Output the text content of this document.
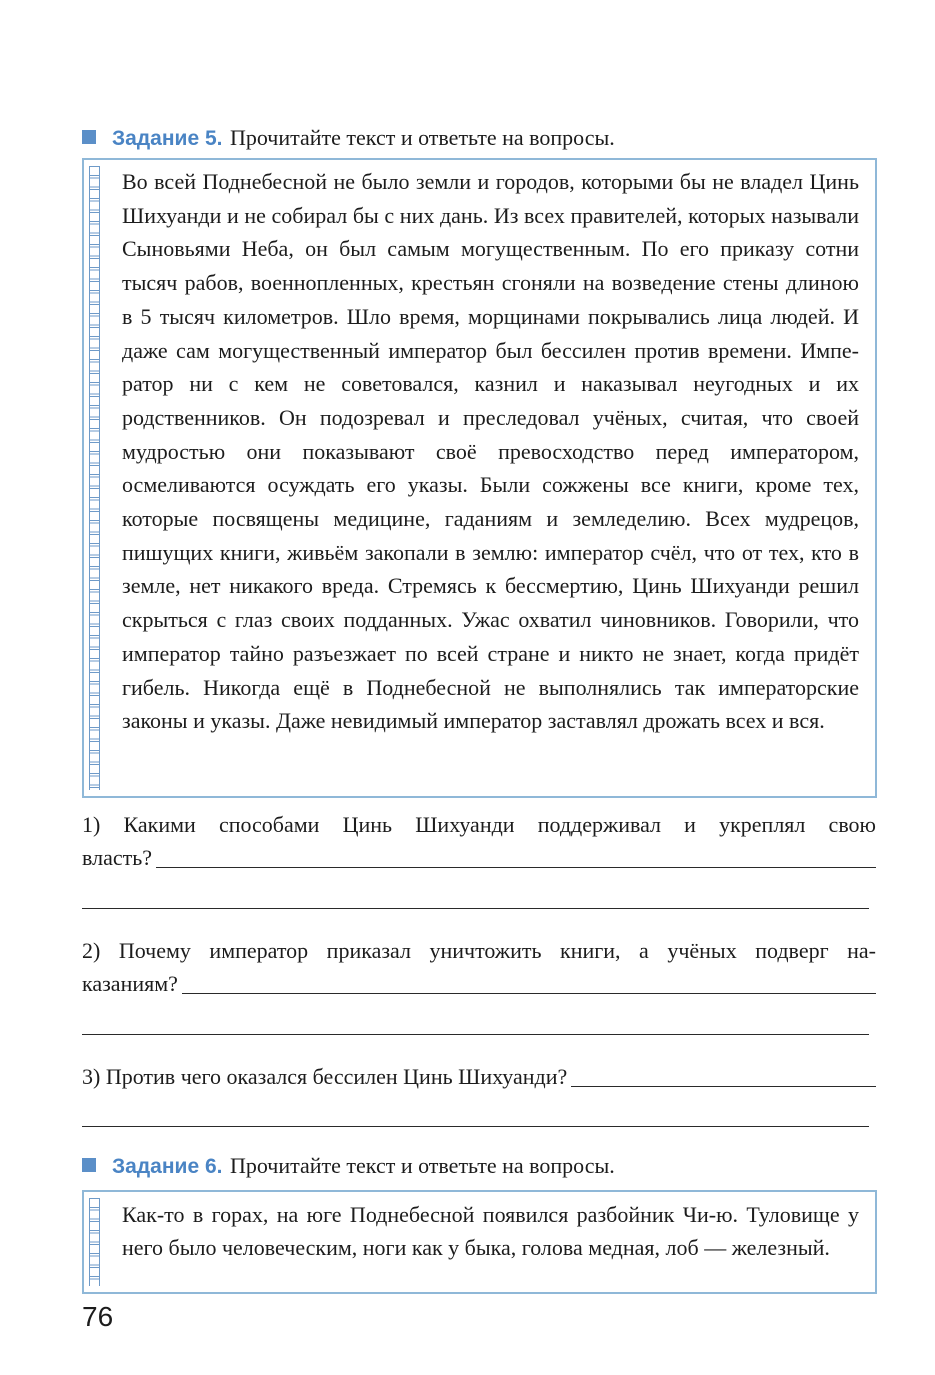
Задание 5. Прочитайте текст и ответьте на вопросы.

Во всей Поднебесной не было земли и городов, которыми бы не владел Цинь Шихуанди и не собирал бы с них дань. Из всех правителей, которых называли Сыновьями Неба, он был самым могущественным. По его приказу сотни тысяч рабов, военнопленных, крестьян сгоняли на возведение стены длиною в 5 тысяч километров. Шло время, морщинами покрывались лица людей. И даже сам могущественный император был бессилен против времени. Император ни с кем не советовался, казнил и наказывал неугодных и их родственников. Он подозревал и преследовал учёных, считая, что своей мудростью они показывают своё превосходство перед императором, осмеливаются осуждать его указы. Были сожжены все книги, кроме тех, которые посвящены медицине, гаданиям и земледелию. Всех мудрецов, пишущих книги, живьём закопали в землю: император счёл, что от тех, кто в земле, нет никакого вреда. Стремясь к бессмертию, Цинь Шихуанди решил скрыться с глаз своих подданных. Ужас охватил чиновников. Говорили, что император тайно разъезжает по всей стране и никто не знает, когда придёт гибель. Никогда ещё в Поднебесной не выполнялись так императорские законы и указы. Даже невидимый император заставлял дрожать всех и вся.

1) Какими способами Цинь Шихуанди поддерживал и укреплял свою
власть?
2) Почему император приказал уничтожить книги, а учёных подверг на-
казаниям?
3) Против чего оказался бессилен Цинь Шихуанди?
Задание 6. Прочитайте текст и ответьте на вопросы.

Как-то в горах, на юге Поднебесной появился разбойник Чи-ю. Туловище у него было человеческим, ноги как у быка, голова медная, лоб — железный.

76
